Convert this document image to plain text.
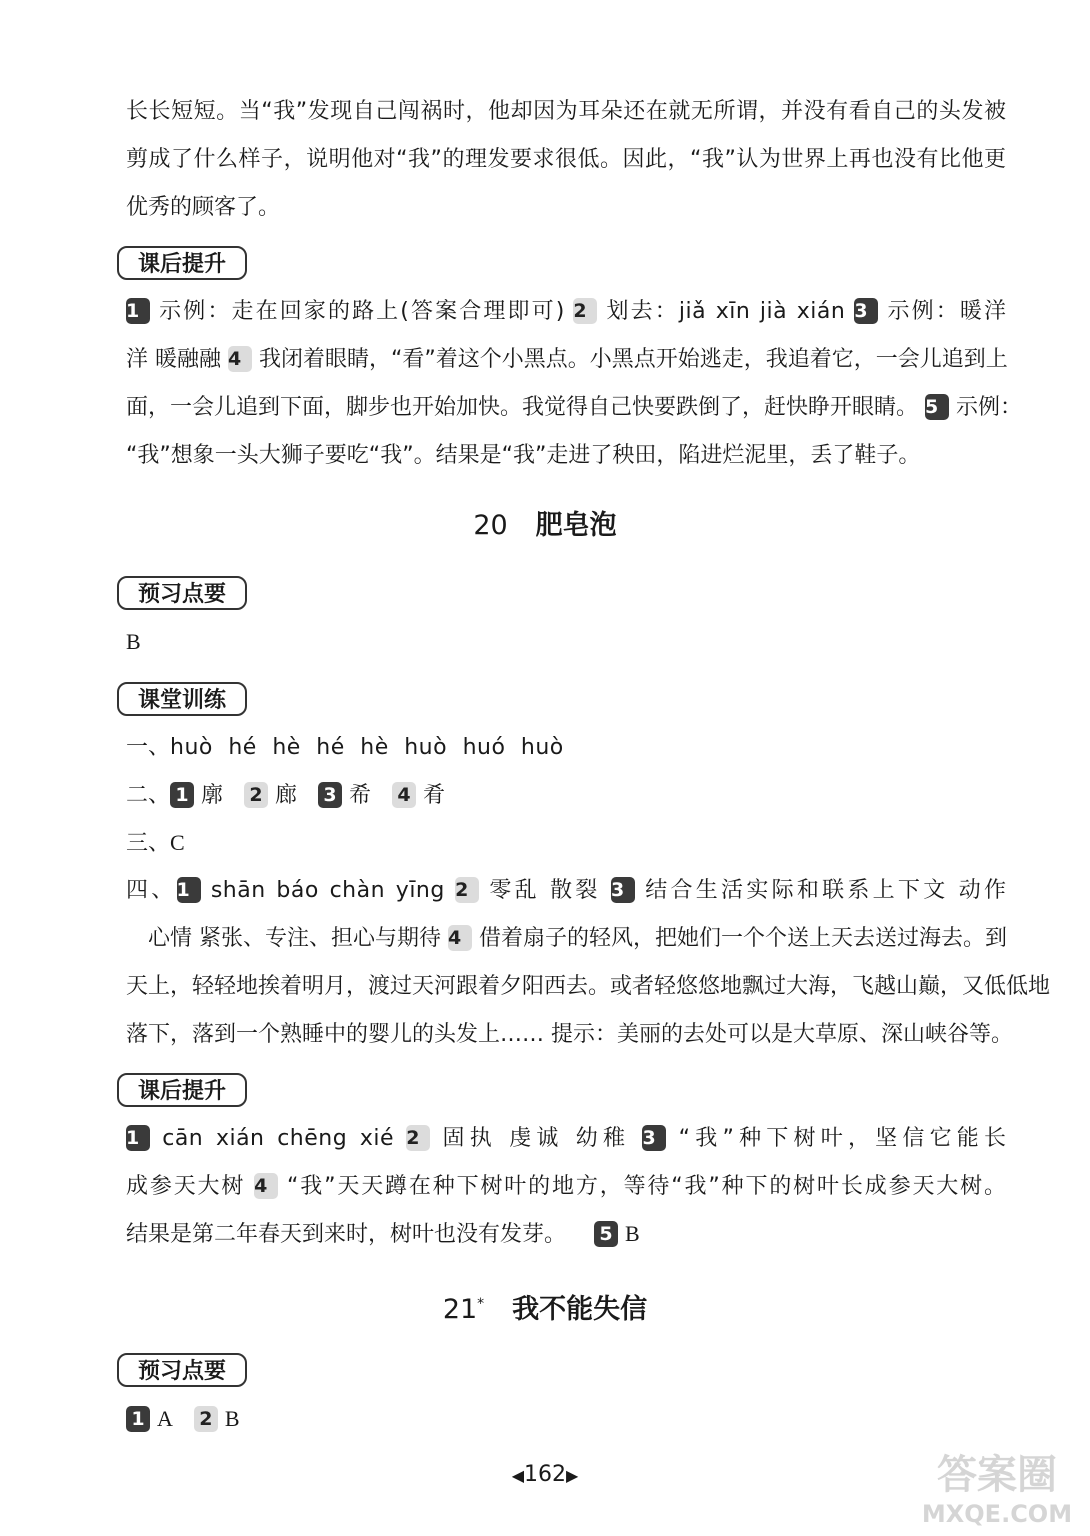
长长短短。当“我”发现自己闯祸时，他却因为耳朵还在就无所谓，并没有看自己的头发被
剪成了什么样子，说明他对“我”的理发要求很低。因此，“我”认为世界上再也没有比他更
优秀的顾客了。
课后提升
1 示例：走在回家的路上(答案合理即可) 2 划去：jiǎ xīn jià xián 3 示例：暖洋
洋 暖融融 4 我闭着眼睛，“看”着这个小黑点。小黑点开始逃走，我追着它，一会儿追到上
面，一会儿追到下面，脚步也开始加快。我觉得自己快要跌倒了，赶快睁开眼睛。 5 示例：
“我”想象一头大狮子要吃“我”。结果是“我”走进了秧田，陷进烂泥里，丢了鞋子。
20 肥皂泡
预习点要
B
课堂训练
一、huò hé hè hé hè huò huó huò
二、 1 廓 2 廊 3 希 4 肴
三、C
四、1 shān báo chàn yīng 2 零乱 散裂 3 结合生活实际和联系上下文 动作
心情 紧张、专注、担心与期待 4 借着扇子的轻风，把她们一个个送上天去送过海去。到
天上，轻轻地挨着明月，渡过天河跟着夕阳西去。或者轻悠悠地飘过大海，飞越山巅，又低低地
落下，落到一个熟睡中的婴儿的头发上…… 提示：美丽的去处可以是大草原、深山峡谷等。
课后提升
1 cān xián chēng xié 2 固执 虔诚 幼稚 3 “我”种下树叶，坚信它能长
成参天大树 4 “我”天天蹲在种下树叶的地方，等待“我”种下的树叶长成参天大树。
结果是第二年春天到来时，树叶也没有发芽。 5 B
21* 我不能失信
预习点要
1 A 2 B
◀162▶	答案圈
MXQE.COM
